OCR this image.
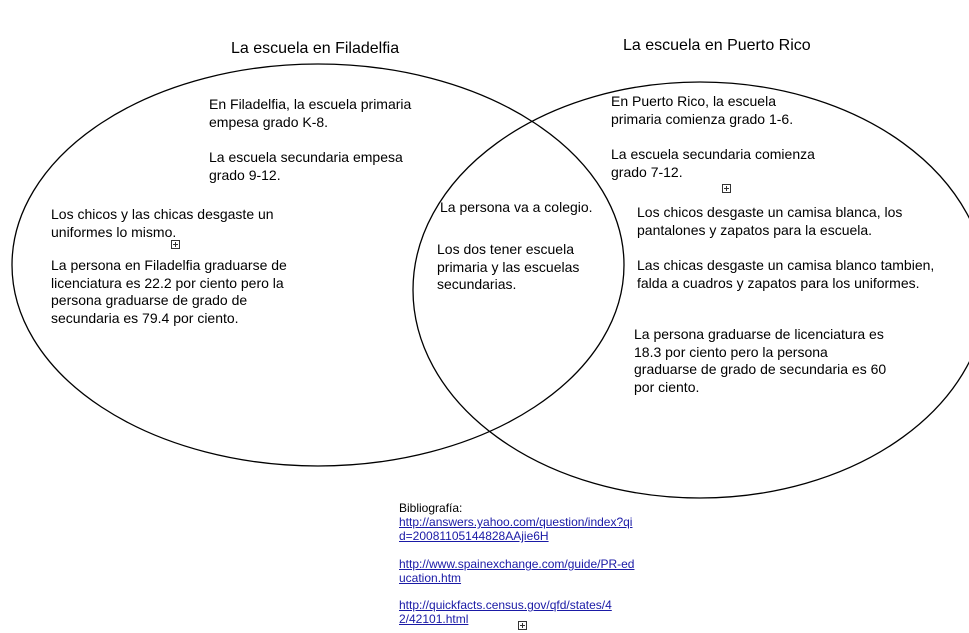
La escuela en Filadelfia	La escuela en Puerto Rico
En Filadelfia, la escuela primaria empesa grado K-8.
La escuela secundaria empesa grado 9-12.
Los chicos y las chicas desgaste un uniformes lo mismo.
La persona en Filadelfia graduarse de licenciatura es 22.2 por ciento pero la persona graduarse de grado de secundaria es 79.4 por ciento.
La persona va a colegio.
Los dos tener escuela primaria y las escuelas secundarias.
En Puerto Rico, la escuela primaria comienza grado 1-6.
La escuela secundaria comienza grado 7-12.
Los chicos desgaste un camisa blanca, los pantalones y zapatos para la escuela.
Las chicas desgaste un camisa blanco tambien, falda a cuadros y zapatos para los uniformes.
La persona graduarse de licenciatura es 18.3 por ciento pero la persona graduarse de grado de secundaria es 60 por ciento.
Bibliografía:
http://answers.yahoo.com/question/index?qid=20081105144828AAjie6H
http://www.spainexchange.com/guide/PR-education.htm
http://quickfacts.census.gov/qfd/states/42/42101.html
